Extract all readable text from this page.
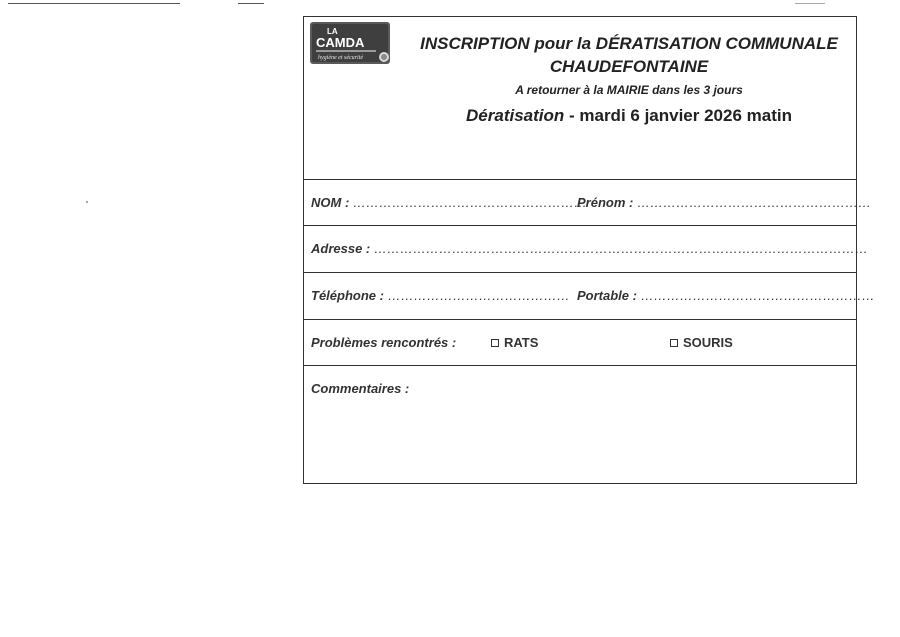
LA
CAMDA
hygiène et sécurité
INSCRIPTION pour la DÉRATISATION COMMUNALE
CHAUDEFONTAINE
A retourner à la MAIRIE dans les 3 jours
Dératisation - mardi 6 janvier 2026 matin
NOM : ………………………………………………
Prénom : ………………………………………………
Adresse : ……………………………………………………………………………………………………
Téléphone : …………………………………… Portable : ………………………………………………
Problèmes rencontrés :	RATS	SOURIS
Commentaires :
